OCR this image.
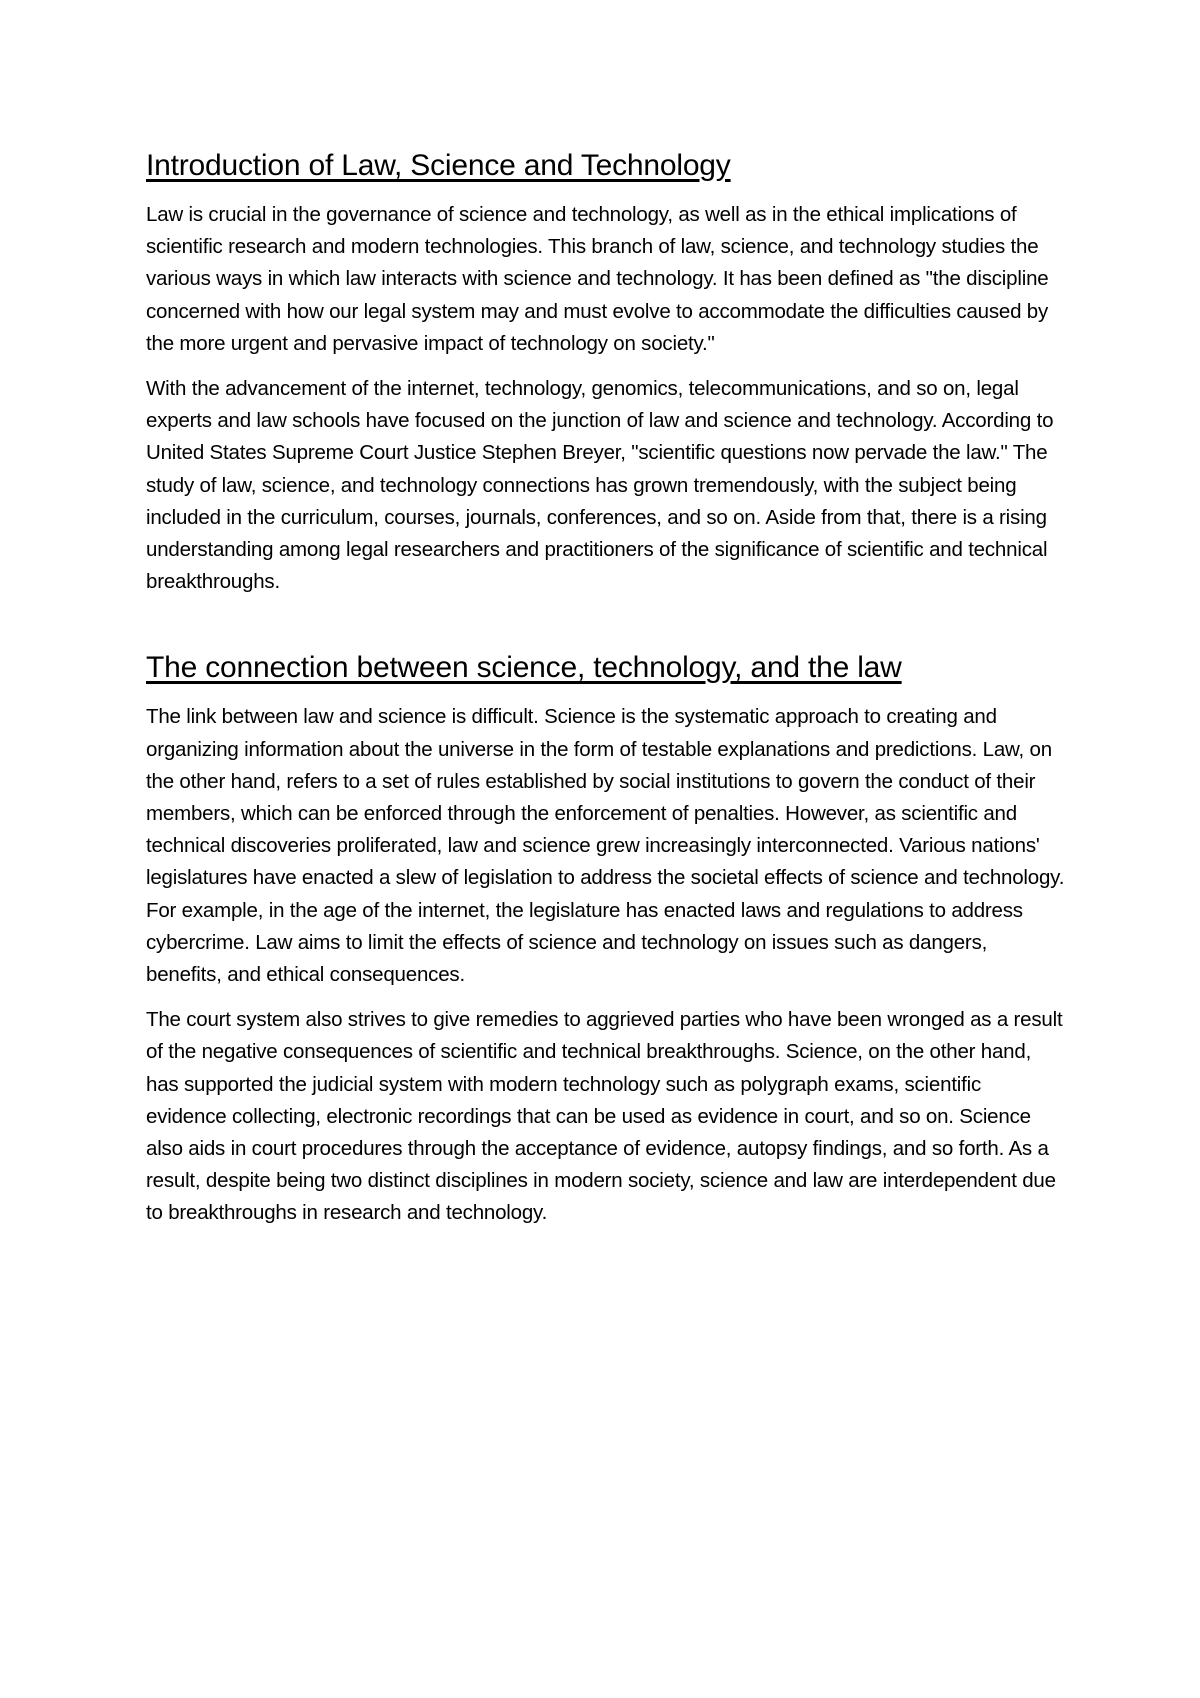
Introduction of Law, Science and Technology

Law is crucial in the governance of science and technology, as well as in the ethical implications of scientific research and modern technologies. This branch of law, science, and technology studies the various ways in which law interacts with science and technology. It has been defined as "the discipline concerned with how our legal system may and must evolve to accommodate the difficulties caused by the more urgent and pervasive impact of technology on society."

With the advancement of the internet, technology, genomics, telecommunications, and so on, legal experts and law schools have focused on the junction of law and science and technology. According to United States Supreme Court Justice Stephen Breyer, "scientific questions now pervade the law." The study of law, science, and technology connections has grown tremendously, with the subject being included in the curriculum, courses, journals, conferences, and so on. Aside from that, there is a rising understanding among legal researchers and practitioners of the significance of scientific and technical breakthroughs.

The connection between science, technology, and the law

The link between law and science is difficult. Science is the systematic approach to creating and organizing information about the universe in the form of testable explanations and predictions. Law, on the other hand, refers to a set of rules established by social institutions to govern the conduct of their members, which can be enforced through the enforcement of penalties. However, as scientific and technical discoveries proliferated, law and science grew increasingly interconnected. Various nations' legislatures have enacted a slew of legislation to address the societal effects of science and technology. For example, in the age of the internet, the legislature has enacted laws and regulations to address cybercrime. Law aims to limit the effects of science and technology on issues such as dangers, benefits, and ethical consequences.

The court system also strives to give remedies to aggrieved parties who have been wronged as a result of the negative consequences of scientific and technical breakthroughs. Science, on the other hand, has supported the judicial system with modern technology such as polygraph exams, scientific evidence collecting, electronic recordings that can be used as evidence in court, and so on. Science also aids in court procedures through the acceptance of evidence, autopsy findings, and so forth. As a result, despite being two distinct disciplines in modern society, science and law are interdependent due to breakthroughs in research and technology.
